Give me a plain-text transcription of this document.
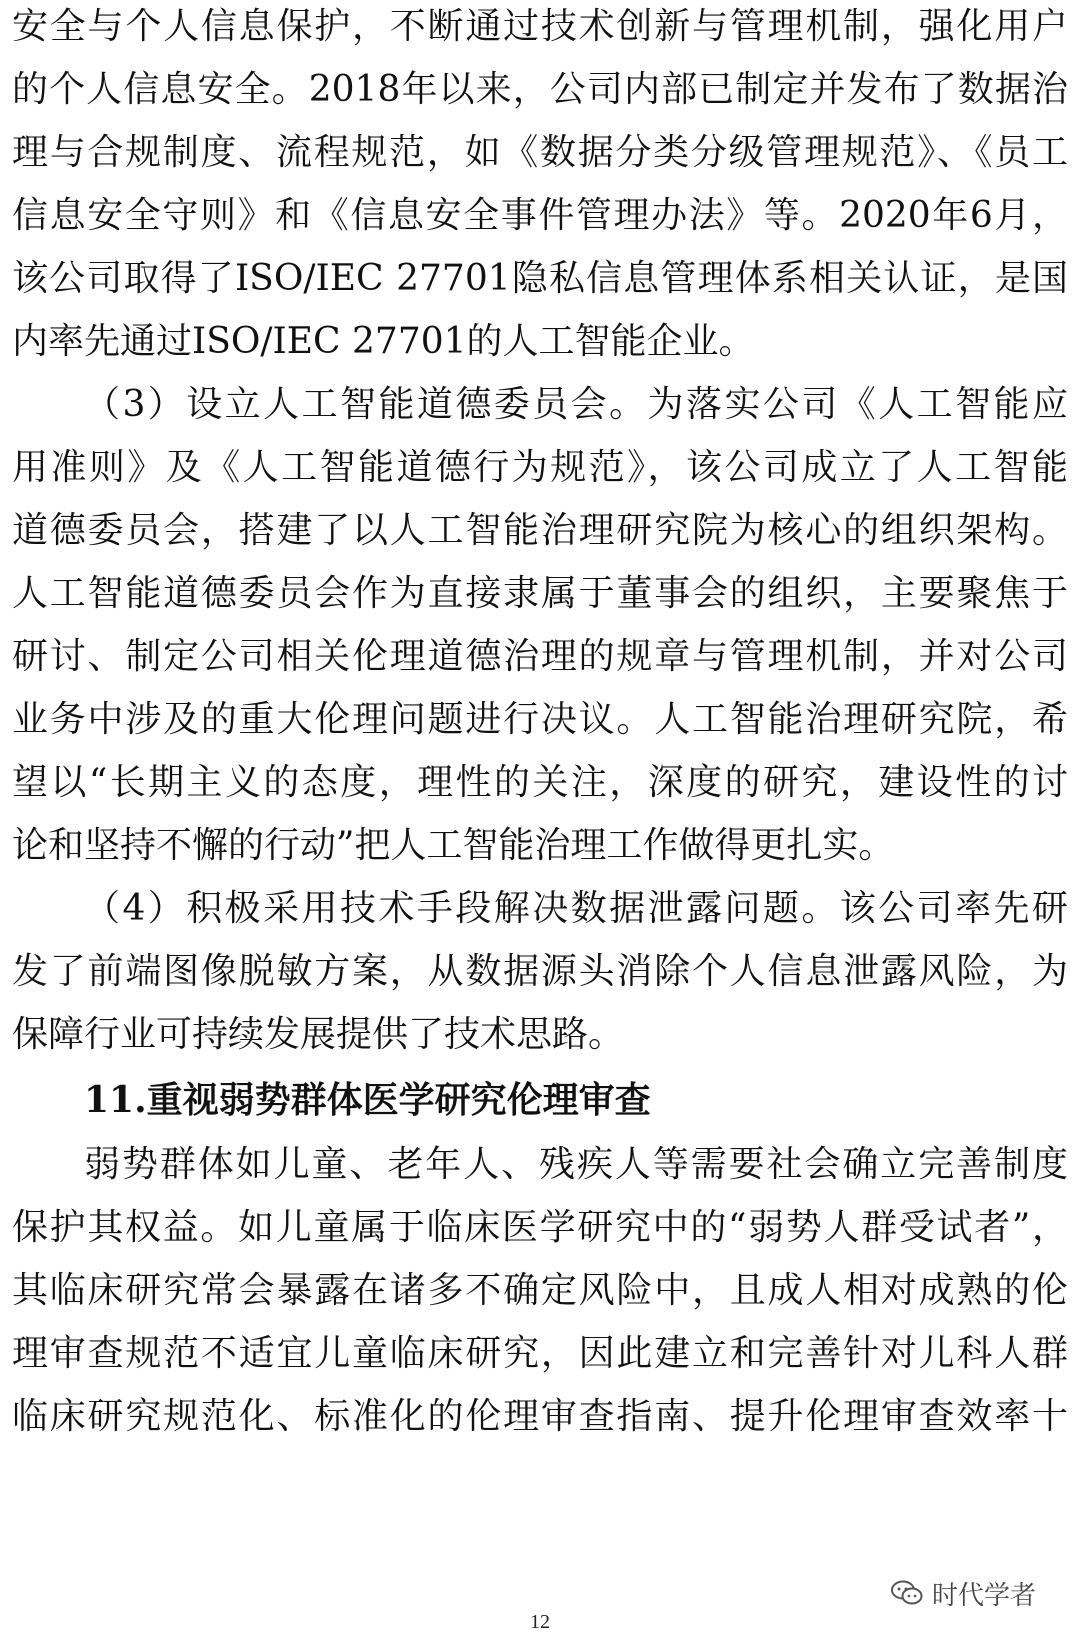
安全与个人信息保护，不断通过技术创新与管理机制，强化用户
的个人信息安全。2018年以来，公司内部已制定并发布了数据治
理与合规制度、流程规范，如《数据分类分级管理规范》、《员工
信息安全守则》和《信息安全事件管理办法》等。2020年6月，
该公司取得了ISO/IEC 27701隐私信息管理体系相关认证，是国
内率先通过ISO/IEC 27701的人工智能企业。
（3）设立人工智能道德委员会。为落实公司《人工智能应
用准则》及《人工智能道德行为规范》，该公司成立了人工智能
道德委员会，搭建了以人工智能治理研究院为核心的组织架构。
人工智能道德委员会作为直接隶属于董事会的组织，主要聚焦于
研讨、制定公司相关伦理道德治理的规章与管理机制，并对公司
业务中涉及的重大伦理问题进行决议。人工智能治理研究院，希
望以“长期主义的态度，理性的关注，深度的研究，建设性的讨
论和坚持不懈的行动”把人工智能治理工作做得更扎实。
（4）积极采用技术手段解决数据泄露问题。该公司率先研
发了前端图像脱敏方案，从数据源头消除个人信息泄露风险，为
保障行业可持续发展提供了技术思路。
11.重视弱势群体医学研究伦理审查
弱势群体如儿童、老年人、残疾人等需要社会确立完善制度
保护其权益。如儿童属于临床医学研究中的“弱势人群受试者”，
其临床研究常会暴露在诸多不确定风险中，且成人相对成熟的伦
理审查规范不适宜儿童临床研究，因此建立和完善针对儿科人群
临床研究规范化、标准化的伦理审查指南、提升伦理审查效率十
时代学者
12
